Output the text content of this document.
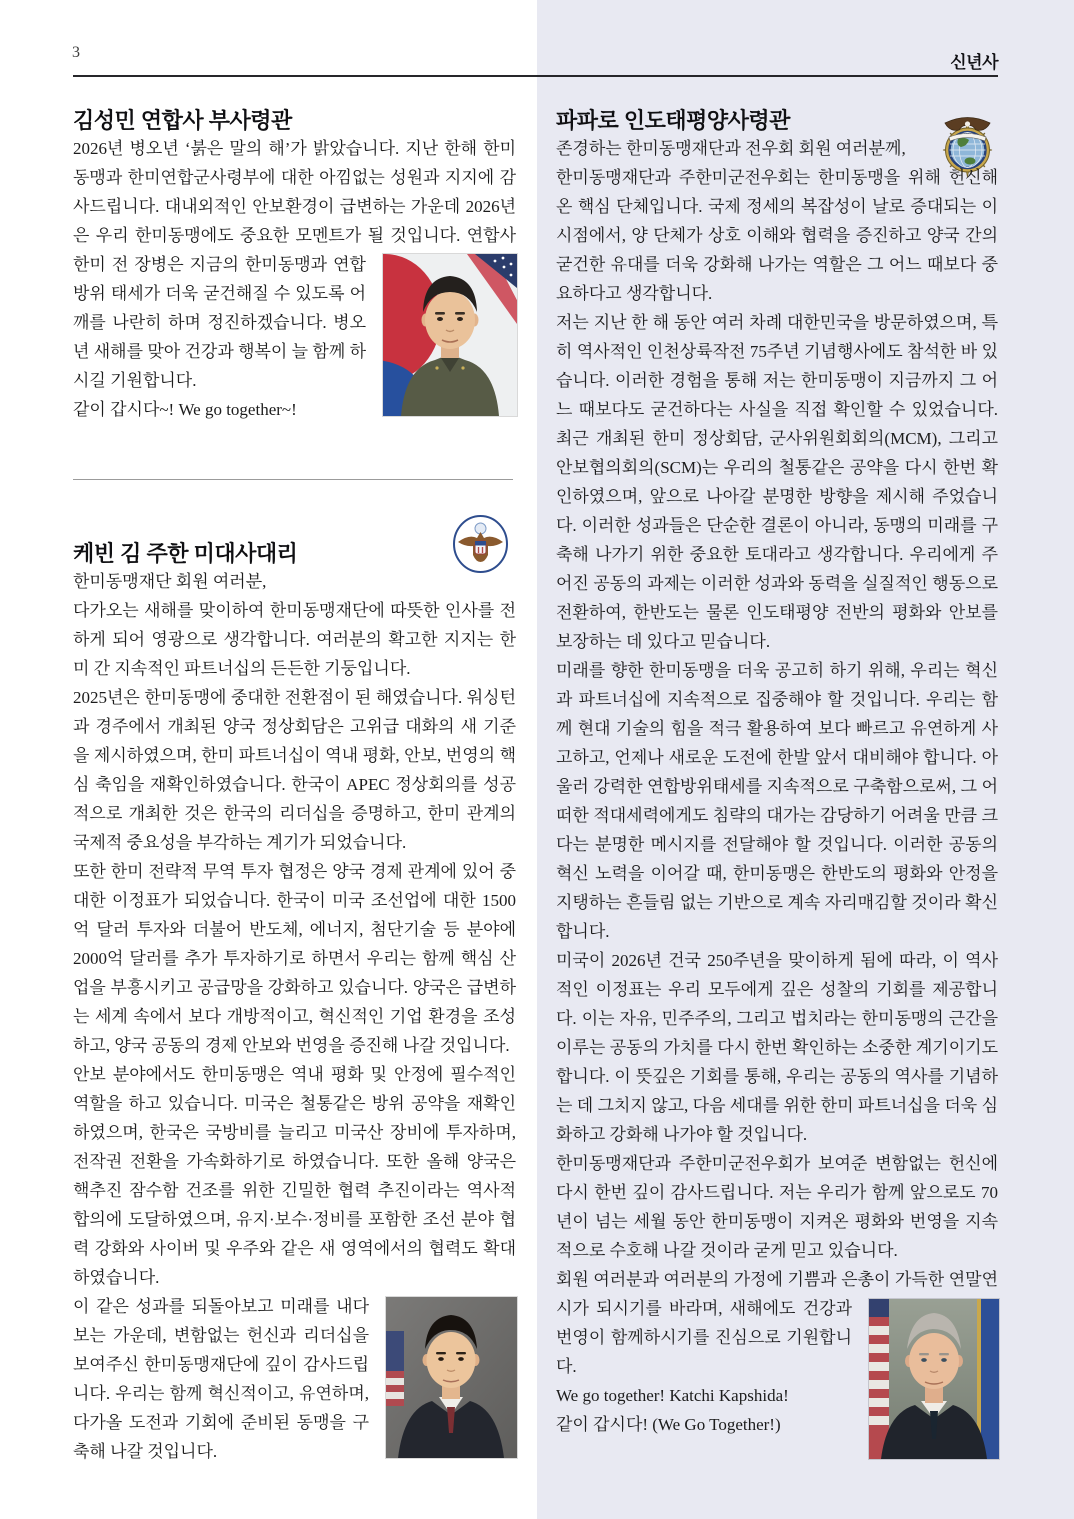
3
신년사
김성민 연합사 부사령관

2026년 병오년 ‘붉은 말의 해’가 밝았습니다. 지난 한해 한미동맹과 한미연합군사령부에 대한 아낌없는 성원과 지지에 감사드립니다. 대내외적인 안보환경이 급변하는 가운데 2026년은 우리 한미동맹에도 중요한 모멘트가 될 것입니다. 연합사 한미
전 장병은 지금의 한미동맹과 연합방위 태세가 더욱 굳건해질 수 있도록 어깨를 나란히 하며 정진하겠습니다. 병오년 새해를 맞아 건강과 행복이 늘 함께 하시길 기원합니다.

같이 갑시다~! We go together~!

케빈 김 주한 미대사대리

한미동맹재단 회원 여러분,

다가오는 새해를 맞이하여 한미동맹재단에 따뜻한 인사를 전하게 되어 영광으로 생각합니다. 여러분의 확고한 지지는 한미 간 지속적인 파트너십의 든든한 기둥입니다.

2025년은 한미동맹에 중대한 전환점이 된 해였습니다. 워싱턴과 경주에서 개최된 양국 정상회담은 고위급 대화의 새 기준을 제시하였으며, 한미 파트너십이 역내 평화, 안보, 번영의 핵심 축임을 재확인하였습니다. 한국이 APEC 정상회의를 성공적으로 개최한 것은 한국의 리더십을 증명하고, 한미 관계의 국제적 중요성을 부각하는 계기가 되었습니다.

또한 한미 전략적 무역 투자 협정은 양국 경제 관계에 있어 중대한 이정표가 되었습니다. 한국이 미국 조선업에 대한 1500억 달러 투자와 더불어 반도체, 에너지, 첨단기술 등 분야에 2000억 달러를 추가 투자하기로 하면서 우리는 함께 핵심 산업을 부흥시키고 공급망을 강화하고 있습니다. 양국은 급변하는 세계 속에서 보다 개방적이고, 혁신적인 기업 환경을 조성하고, 양국 공동의 경제 안보와 번영을 증진해 나갈 것입니다.

안보 분야에서도 한미동맹은 역내 평화 및 안정에 필수적인 역할을 하고 있습니다. 미국은 철통같은 방위 공약을 재확인하였으며, 한국은 국방비를 늘리고 미국산 장비에 투자하며, 전작권 전환을 가속화하기로 하였습니다. 또한 올해 양국은 핵추진 잠수함 건조를 위한 긴밀한 협력 추진이라는 역사적 합의에 도달하였으며, 유지·보수·정비를 포함한 조선 분야 협력 강화와 사이버 및 우주와 같은 새 영역에서의 협력도 확대하였습니다.

이 같은 성과를 되돌아보고 미래를 내다보는 가운데, 변함없는 헌신과 리더십을 보여주신 한미동맹재단에 깊이 감사드립니다. 우리는 함께 혁신적이고, 유연하며, 다가올 도전과 기회에 준비된 동맹을 구축해 나갈 것입니다.

파파로 인도태평양사령관

존경하는 한미동맹재단과 전우회 회원 여러분께,

한미동맹재단과 주한미군전우회는 한미동맹을 위해 헌신해 온 핵심 단체입니다. 국제 정세의 복잡성이 날로 증대되는 이 시점에서, 양 단체가 상호 이해와 협력을 증진하고 양국 간의 굳건한 유대를 더욱 강화해 나가는 역할은 그 어느 때보다 중요하다고 생각합니다.

저는 지난 한 해 동안 여러 차례 대한민국을 방문하였으며, 특히 역사적인 인천상륙작전 75주년 기념행사에도 참석한 바 있습니다. 이러한 경험을 통해 저는 한미동맹이 지금까지 그 어느 때보다도 굳건하다는 사실을 직접 확인할 수 있었습니다. 최근 개최된 한미 정상회담, 군사위원회회의(MCM), 그리고 안보협의회의(SCM)는 우리의 철통같은 공약을 다시 한번 확인하였으며, 앞으로 나아갈 분명한 방향을 제시해 주었습니다. 이러한 성과들은 단순한 결론이 아니라, 동맹의 미래를 구축해 나가기 위한 중요한 토대라고 생각합니다. 우리에게 주어진 공동의 과제는 이러한 성과와 동력을 실질적인 행동으로 전환하여, 한반도는 물론 인도태평양 전반의 평화와 안보를 보장하는 데 있다고 믿습니다.

미래를 향한 한미동맹을 더욱 공고히 하기 위해, 우리는 혁신과 파트너십에 지속적으로 집중해야 할 것입니다. 우리는 함께 현대 기술의 힘을 적극 활용하여 보다 빠르고 유연하게 사고하고, 언제나 새로운 도전에 한발 앞서 대비해야 합니다. 아울러 강력한 연합방위태세를 지속적으로 구축함으로써, 그 어떠한 적대세력에게도 침략의 대가는 감당하기 어려울 만큼 크다는 분명한 메시지를 전달해야 할 것입니다. 이러한 공동의 혁신 노력을 이어갈 때, 한미동맹은 한반도의 평화와 안정을 지탱하는 흔들림 없는 기반으로 계속 자리매김할 것이라 확신합니다.

미국이 2026년 건국 250주년을 맞이하게 됨에 따라, 이 역사적인 이정표는 우리 모두에게 깊은 성찰의 기회를 제공합니다. 이는 자유, 민주주의, 그리고 법치라는 한미동맹의 근간을 이루는 공동의 가치를 다시 한번 확인하는 소중한 계기이기도 합니다. 이 뜻깊은 기회를 통해, 우리는 공동의 역사를 기념하는 데 그치지 않고, 다음 세대를 위한 한미 파트너십을 더욱 심화하고 강화해 나가야 할 것입니다.

한미동맹재단과 주한미군전우회가 보여준 변함없는 헌신에 다시 한번 깊이 감사드립니다. 저는 우리가 함께 앞으로도 70년이 넘는 세월 동안 한미동맹이 지켜온 평화와 번영을 지속적으로 수호해 나갈 것이라 굳게 믿고 있습니다.

회원 여러분과 여러분의 가정에 기쁨과 은총이 가득한 연말연시
가 되시기를 바라며, 새해에도 건강과 번영이 함께하시기를 진심으로 기원합니다.

We go together! Katchi Kapshida!

같이 갑시다! (We Go Together!)
